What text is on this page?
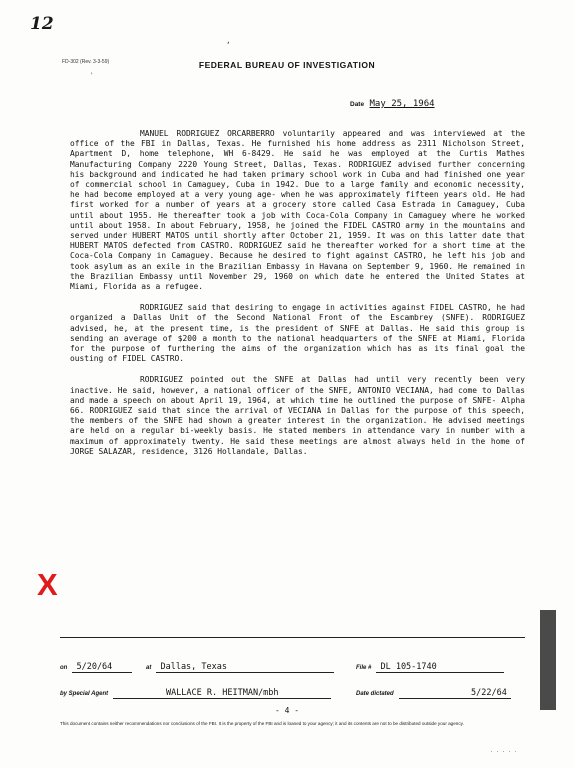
12
,
FD-302 (Rev. 3-3-59)
'
FEDERAL BUREAU OF INVESTIGATION
Date May 25, 1964

MANUEL RODRIGUEZ ORCARBERRO voluntarily appeared and was interviewed at the office of the FBI in Dallas, Texas. He furnished his home address as 2311 Nicholson Street, Apartment D, home telephone, WH 6-8429. He said he was employed at the Curtis Mathes Manufacturing Company 2220 Young Street, Dallas, Texas. RODRIGUEZ advised further concerning his background and indicated he had taken primary school work in Cuba and had finished one year of commercial school in Camaguey, Cuba in 1942. Due to a large family and economic necessity, he had become employed at a very young age- when he was approximately fifteen years old. He had first worked for a number of years at a grocery store called Casa Estrada in Camaguey, Cuba until about 1955. He thereafter took a job with Coca-Cola Company in Camaguey where he worked until about 1958. In about February, 1958, he joined the FIDEL CASTRO army in the mountains and served under HUBERT MATOS until shortly after October 21, 1959. It was on this latter date that HUBERT MATOS defected from CASTRO. RODRIGUEZ said he thereafter worked for a short time at the Coca-Cola Company in Camaguey. Because he desired to fight against CASTRO, he left his job and took asylum as an exile in the Brazilian Embassy in Havana on September 9, 1960. He remained in the Brazilian Embassy until November 29, 1960 on which date he entered the United States at Miami, Florida as a refugee.

RODRIGUEZ said that desiring to engage in activities against FIDEL CASTRO, he had organized a Dallas Unit of the Second National Front of the Escambrey (SNFE). RODRIGUEZ advised, he, at the present time, is the president of SNFE at Dallas. He said this group is sending an average of $200 a month to the national headquarters of the SNFE at Miami, Florida for the purpose of furthering the aims of the organization which has as its final goal the ousting of FIDEL CASTRO.

RODRIGUEZ pointed out the SNFE at Dallas had until very recently been very inactive. He said, however, a national officer of the SNFE, ANTONIO VECIANA, had come to Dallas and made a speech on about April 19, 1964, at which time he outlined the purpose of SNFE- Alpha 66. RODRIGUEZ said that since the arrival of VECIANA in Dallas for the purpose of this speech, the members of the SNFE had shown a greater interest in the organization. He advised meetings are held on a regular bi-weekly basis. He stated members in attendance vary in number with a maximum of approximately twenty. He said these meetings are almost always held in the home of JORGE SALAZAR, residence, 3126 Hollandale, Dallas.

X
on 5/20/64	at Dallas, Texas	File # DL 105-1740
by Special Agent	WALLACE R. HEITMAN/mbh	Date dictated	5/22/64
- 4 -
This document contains neither recommendations nor conclusions of the FBI. It is the property of the FBI and is loaned to your agency; it and its contents are not to be distributed outside your agency.
. . . . .
